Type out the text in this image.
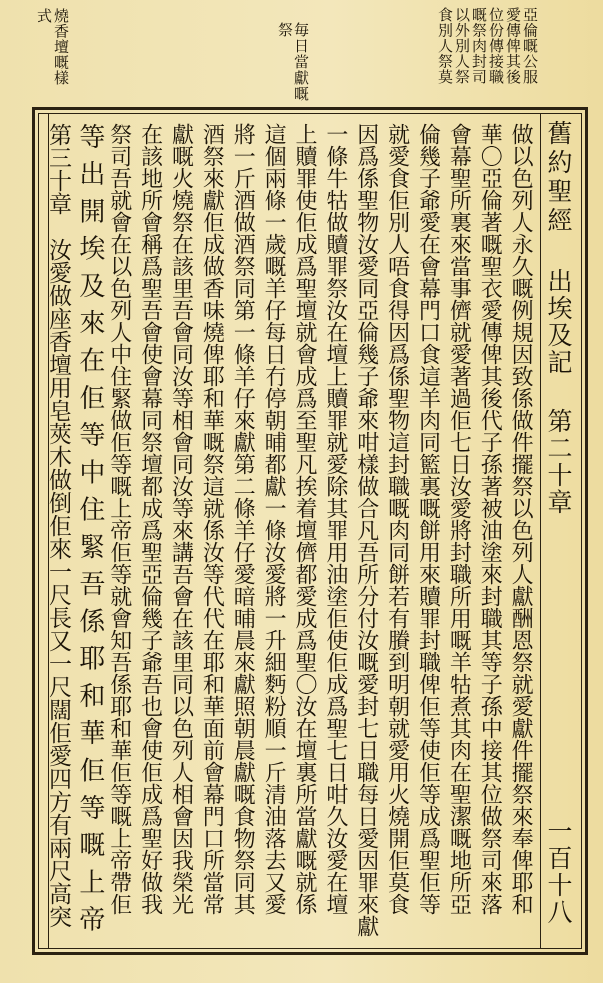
亞倫嘅公服
愛傳俾其後
位份傳接職
嘅祭肉封司
以外別人祭
食別人祭莫
毎日當獻嘅
祭
燒香壇嘅樣
式
舊約聖經出埃及記第二十章
一百十八
做以色列人永久嘅例規因致係做件擺祭以色列人獻酬恩祭就愛獻件擺祭來奉俾耶和
華〇亞倫著嘅聖衣愛傳俾其後代子孫著被油塗來封職其等子孫中接其位做祭司來落
會幕聖所裏來當事儕就愛著過佢七日汝愛將封職所用嘅羊牯煮其肉在聖潔嘅地所亞
倫幾子爺愛在會幕門口食這羊肉同籃裏嘅餅用來贖罪封職俾佢等使佢等成爲聖佢等
就愛食佢別人唔食得因爲係聖物這封職嘅肉同餅若有賸到明朝就愛用火燒開佢莫食
因爲係聖物汝愛同亞倫幾子爺來咁樣做合凡吾所分付汝嘅愛封七日職每日愛因罪來獻
一條牛牯做贖罪祭汝在壇上贖罪就愛除其罪用油塗佢使佢成爲聖七日咁久汝愛在壇
上贖罪使佢成爲聖壇就會成爲至聖凡挨着壇儕都愛成爲聖〇汝在壇裏所當獻嘅就係
這個兩條一歲嘅羊仔每日冇停朝晡都獻一條汝愛將一升細麪粉順一斤清油落去又愛
將一斤酒做酒祭同第一條羊仔來獻第二條羊仔愛暗晡晨來獻照朝晨獻嘅食物祭同其
酒祭來獻佢成做香味燒俾耶和華嘅祭這就係汝等代代在耶和華面前會幕門口所當常
獻嘅火燒祭在該里吾會同汝等相會同汝等來講吾會在該里同以色列人相會因我榮光
在該地所會稱爲聖吾會使會幕同祭壇都成爲聖亞倫幾子爺吾也會使佢成爲聖好做我
祭司吾就會在以色列人中住緊做佢等嘅上帝佢等就會知吾係耶和華佢等嘅上帝帶佢
等出開埃及來在佢等中住緊吾係耶和華佢等嘅上帝
第三十章　汝愛做座香壇用皂莢木做倒佢來一尺長又一尺闊佢愛四方有兩尺高突
